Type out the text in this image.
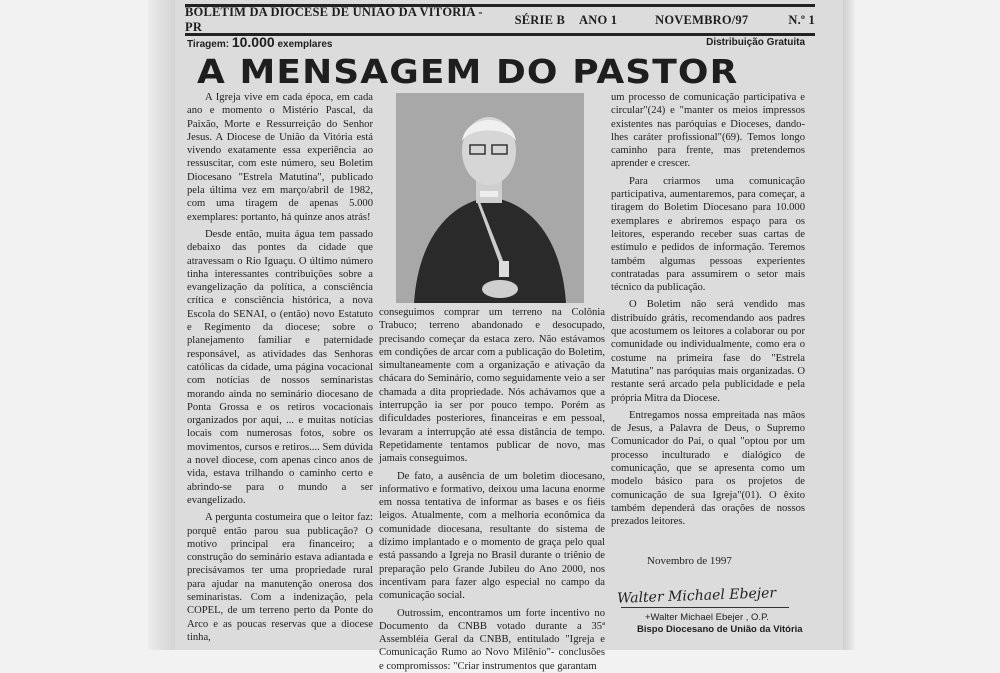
BOLETIM DA DIOCESE DE UNIÃO DA VITÓRIA - PR
SÉRIE B ANO 1	NOVEMBRO/97	N.º 1
Tiragem: 10.000 exemplares	Distribuição Gratuita
A MENSAGEM DO PASTOR

A Igreja vive em cada época, em cada ano e momento o Mistério Pascal, da Paixão, Morte e Ressurreição do Senhor Jesus. A Diocese de União da Vitória está vivendo exatamente essa experiência ao ressuscitar, com este número, seu Boletim Diocesano "Estrela Matutina", publicado pela última vez em março/abril de 1982, com uma tiragem de apenas 5.000 exemplares: portanto, há quinze anos atrás!

Desde então, muita água tem passado debaixo das pontes da cidade que atravessam o Rio Iguaçu. O último número tinha interessantes contribuições sobre a evangelização da política, a consciência crítica e consciência histórica, a nova Escola do SENAI, o (então) novo Estatuto e Regimento da diocese; sobre o planejamento familiar e paternidade responsável, as atividades das Senhoras católicas da cidade, uma página vocacional com notícias de nossos seminaristas morando ainda no seminário diocesano de Ponta Grossa e os retiros vocacionais organizados por aqui, ... e muitas notícias locais com numerosas fotos, sobre os movimentos, cursos e retiros.... Sem dúvida a novel diocese, com apenas cinco anos de vida, estava trilhando o caminho certo e abrindo-se para o mundo a ser evangelizado.

A pergunta costumeira que o leitor faz: porquê então parou sua publicação? O motivo principal era financeiro; a construção do seminário estava adiantada e precisávamos ter uma propriedade rural para ajudar na manutenção onerosa dos seminaristas. Com a indenização, pela COPEL, de um terreno perto da Ponte do Arco e as poucas reservas que a diocese tinha,

conseguimos comprar um terreno na Colônia Trabuco; terreno abandonado e desocupado, precisando começar da estaca zero. Não estávamos em condições de arcar com a publicação do Boletim, simultaneamente com a organização e ativação da chácara do Seminário, como seguidamente veio a ser chamada a dita propriedade. Nós achávamos que a interrupção ia ser por pouco tempo. Porém as dificuldades posteriores, financeiras e em pessoal, levaram a interrupção até essa distância de tempo. Repetidamente tentamos publicar de novo, mas jamais conseguimos.

De fato, a ausência de um boletim diocesano, informativo e formativo, deixou uma lacuna enorme em nossa tentativa de informar as bases e os fiéis leigos. Atualmente, com a melhoria econômica da comunidade diocesana, resultante do sistema de dízimo implantado e o momento de graça pelo qual está passando a Igreja no Brasil durante o triênio de preparação pelo Grande Jubileu do Ano 2000, nos incentivam para fazer algo especial no campo da comunicação social.

Outrossim, encontramos um forte incentivo no Documento da CNBB votado durante a 35ª Assembléia Geral da CNBB, entitulado "Igreja e Comunicação Rumo ao Novo Milênio"- conclusões e compromissos: "Criar instrumentos que garantam

um processo de comunicação participativa e circular"(24) e "manter os meios impressos existentes nas paróquias e Dioceses, dando-lhes caráter profissional"(69). Temos longo caminho para frente, mas pretendemos aprender e crescer.

Para criarmos uma comunicação participativa, aumentaremos, para começar, a tiragem do Boletim Diocesano para 10.000 exemplares e abriremos espaço para os leitores, esperando receber suas cartas de estímulo e pedidos de informação. Teremos também algumas pessoas experientes contratadas para assumirem o setor mais técnico da publicação.

O Boletim não será vendido mas distribuído grátis, recomendando aos padres que acostumem os leitores a colaborar ou por comunidade ou individualmente, como era o costume na primeira fase do "Estrela Matutina" nas paróquias mais organizadas. O restante será arcado pela publicidade e pela própria Mitra da Diocese.

Entregamos nossa empreitada nas mãos de Jesus, a Palavra de Deus, o Supremo Comunicador do Pai, o qual "optou por um processo inculturado e dialógico de comunicação, que se apresenta como um modelo básico para os projetos de comunicação de sua Igreja"(01). O êxito também dependerá das orações de nossos prezados leitores.

Novembro de 1997
Walter Michael Ebejer
+Walter Michael Ebejer , O.P.
Bispo Diocesano de União da Vitória
